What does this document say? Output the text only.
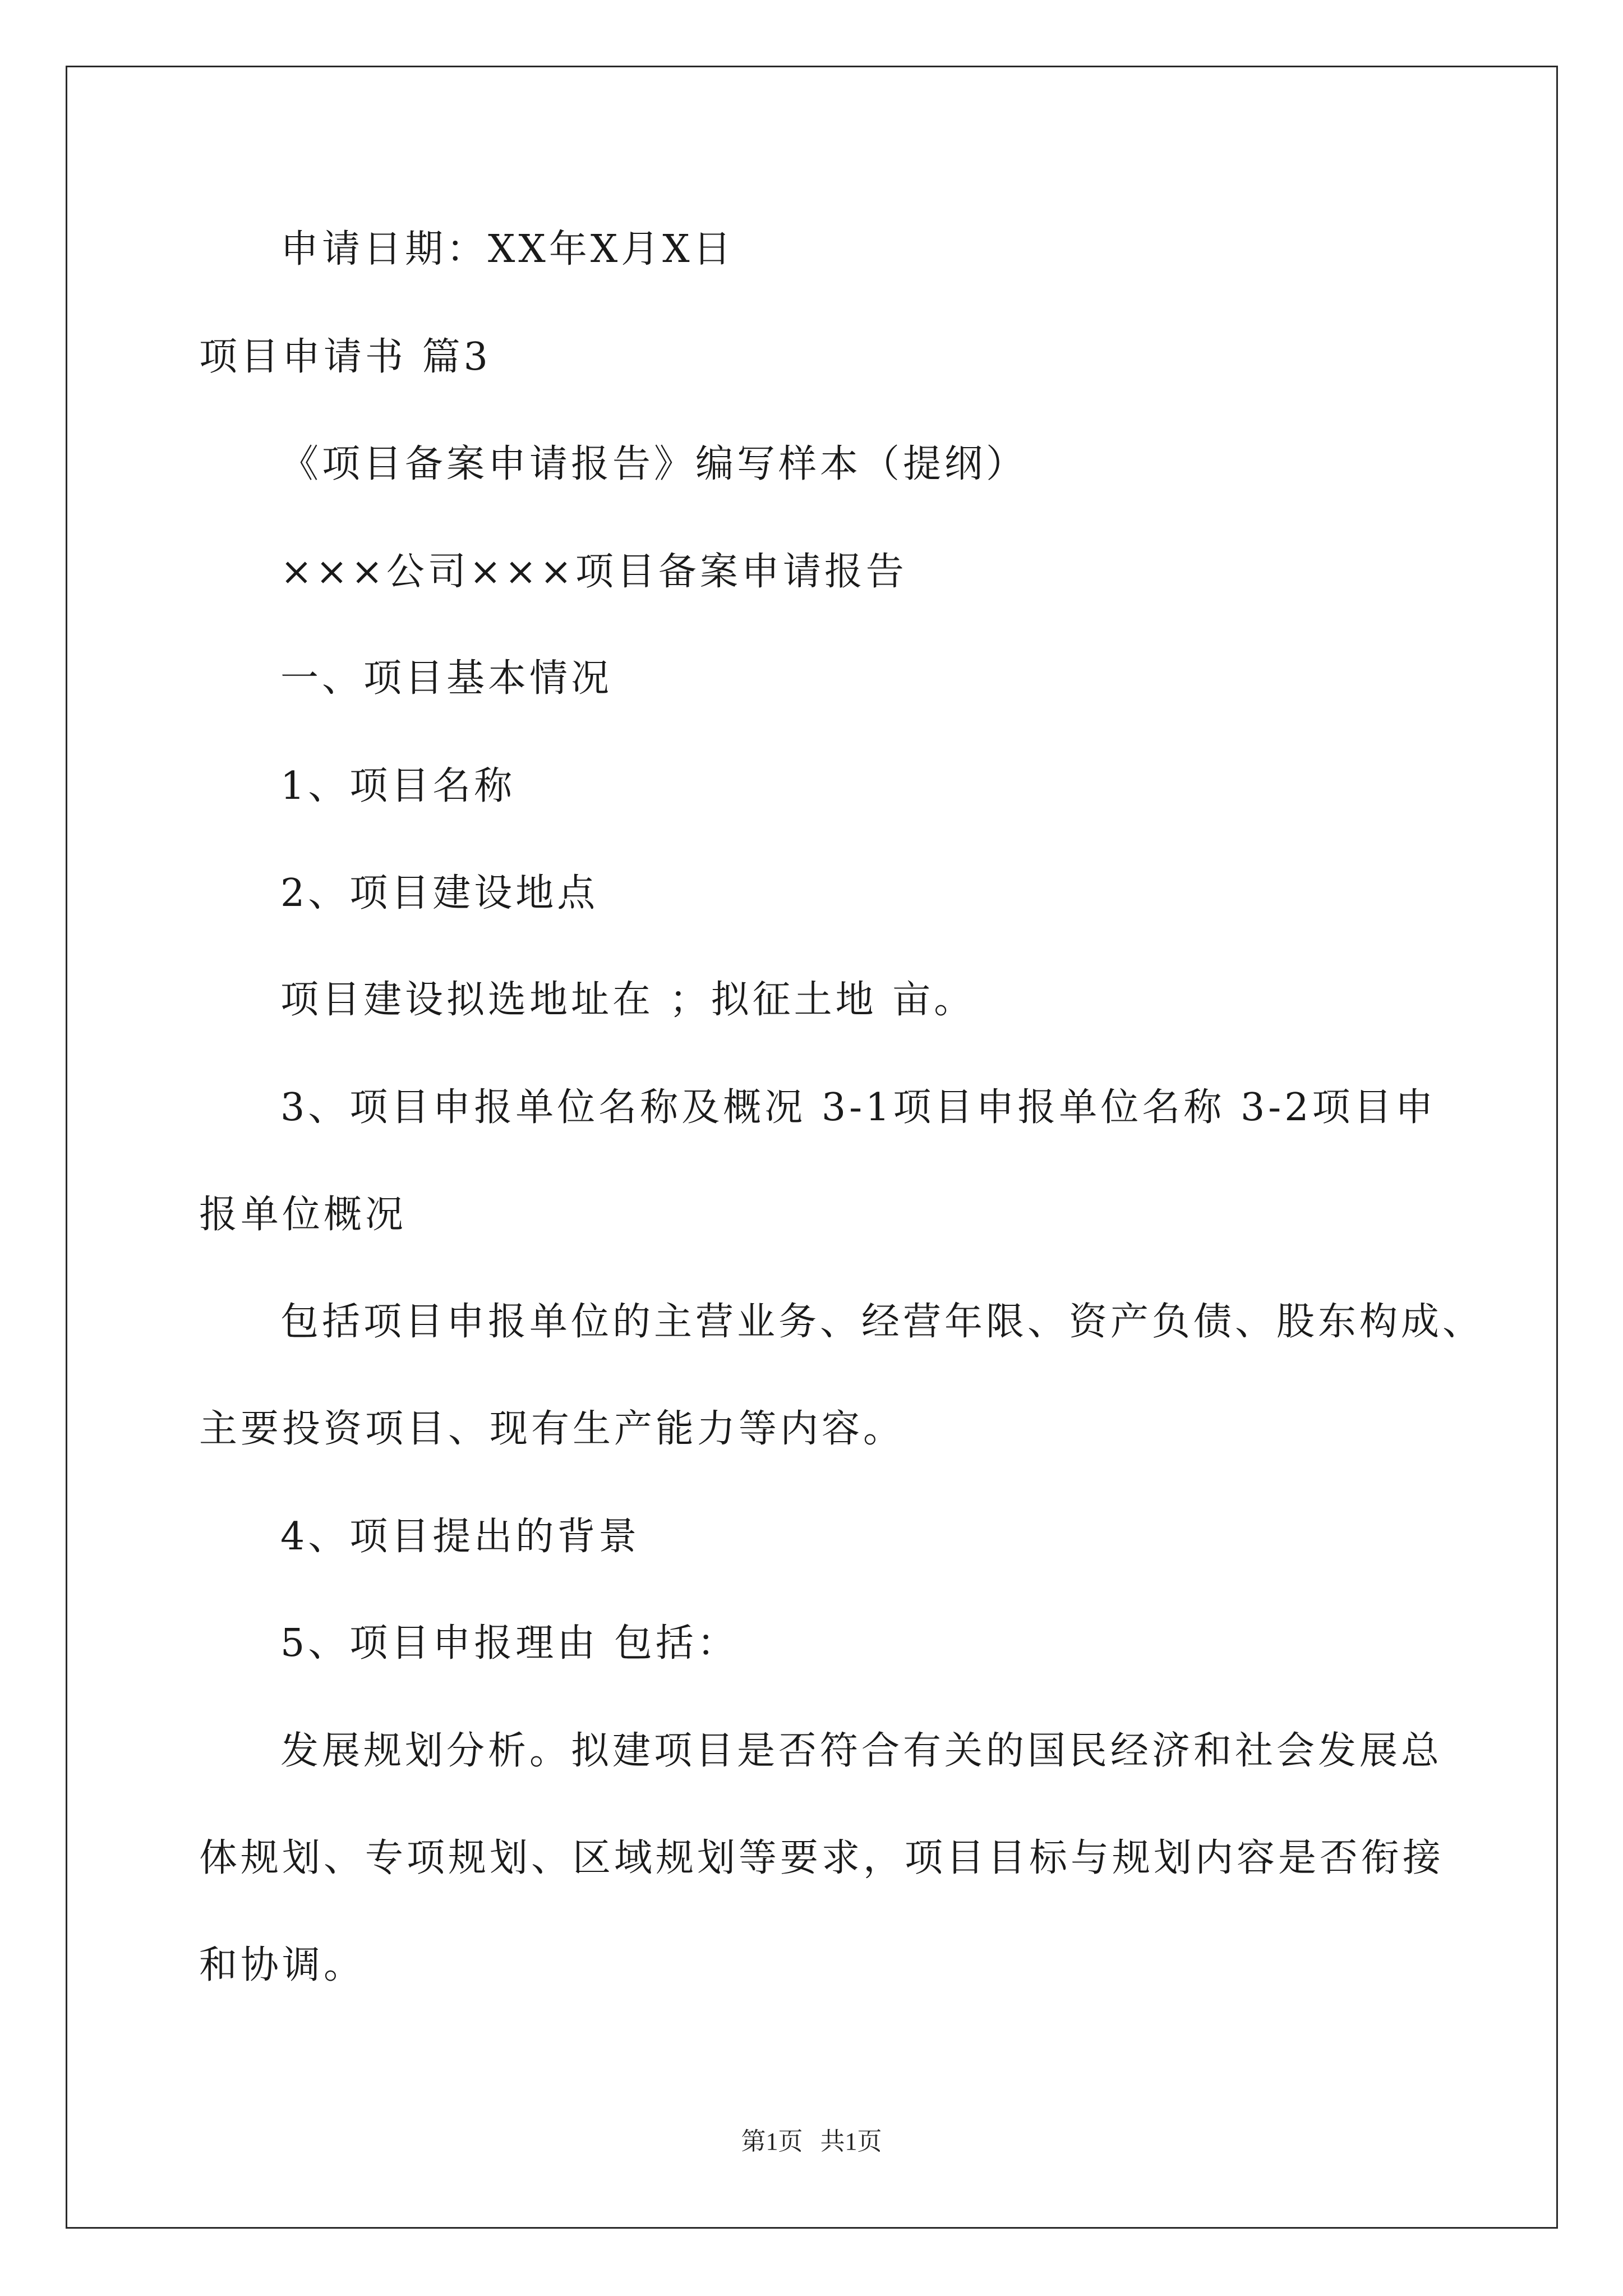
申请日期：XX年X月X日
项目申请书 篇3
《项目备案申请报告》编写样本（提纲）
×××公司×××项目备案申请报告
一、项目基本情况
1、项目名称
2、项目建设地点
项目建设拟选地址在 ；拟征土地 亩。
3、项目申报单位名称及概况 3-1项目申报单位名称 3-2项目申
报单位概况
包括项目申报单位的主营业务、经营年限、资产负债、股东构成、
主要投资项目、现有生产能力等内容。
4、项目提出的背景
5、项目申报理由 包括：
发展规划分析。拟建项目是否符合有关的国民经济和社会发展总
体规划、专项规划、区域规划等要求，项目目标与规划内容是否衔接
和协调。
第1页 共1页
